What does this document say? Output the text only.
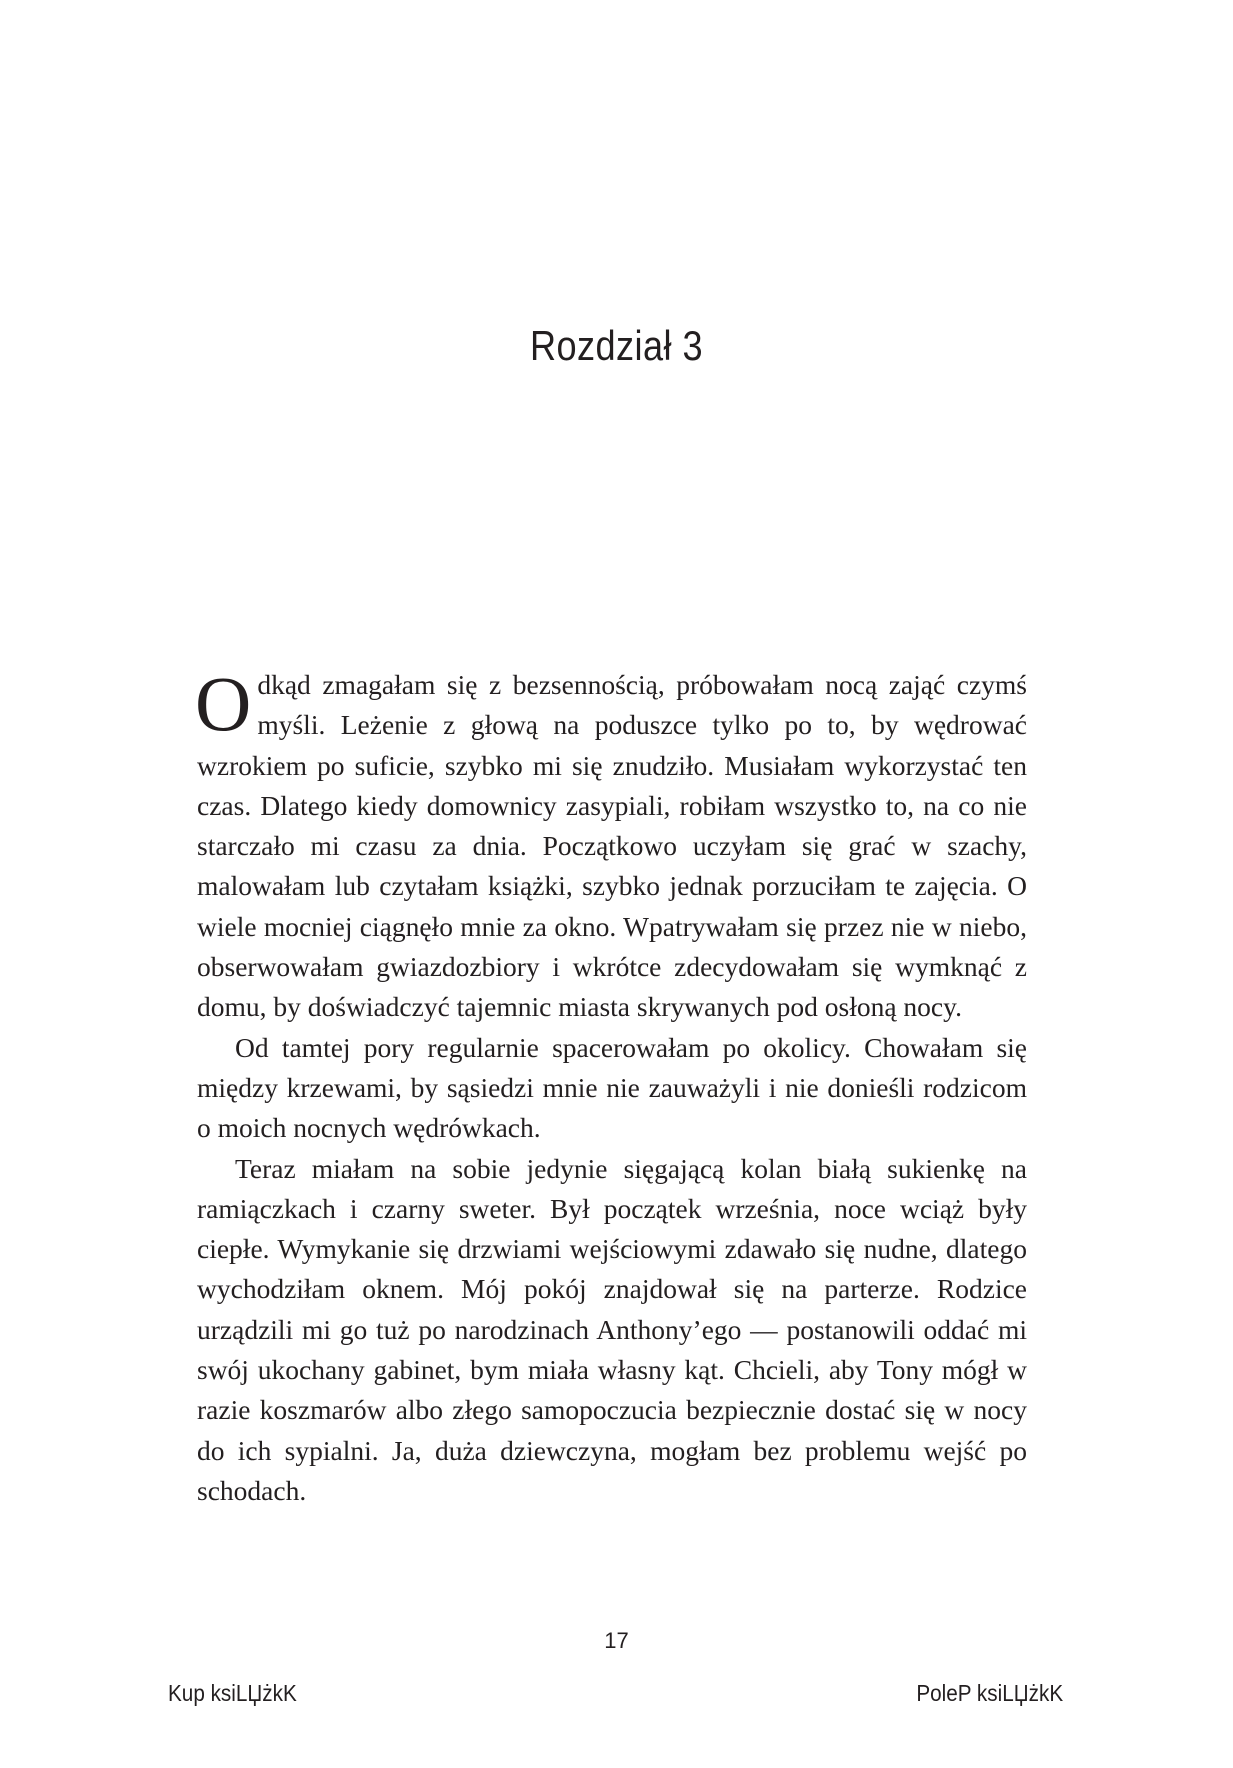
Rozdział 3

Odkąd zmagałam się z bezsennością, próbowałam nocą zająć czymś myśli. Leżenie z głową na poduszce tylko po to, by wędrować wzrokiem po suficie, szybko mi się znudziło. Musiałam wykorzystać ten czas. Dlatego kiedy domownicy zasypiali, robiłam wszystko to, na co nie starczało mi czasu za dnia. Początkowo uczyłam się grać w szachy, malowałam lub czytałam książki, szybko jednak porzuciłam te zajęcia. O wiele mocniej ciągnęło mnie za okno. Wpatrywałam się przez nie w niebo, obserwowałam gwiazdozbiory i wkrótce zdecydowałam się wymknąć z domu, by doświadczyć tajemnic miasta skrywanych pod osłoną nocy.

Od tamtej pory regularnie spacerowałam po okolicy. Chowałam się między krzewami, by sąsiedzi mnie nie zauważyli i nie donieśli rodzicom o moich nocnych wędrówkach.

Teraz miałam na sobie jedynie sięgającą kolan białą sukienkę na ramiączkach i czarny sweter. Był początek września, noce wciąż były ciepłe. Wymykanie się drzwiami wejściowymi zdawało się nudne, dlatego wychodziłam oknem. Mój pokój znajdował się na parterze. Rodzice urządzili mi go tuż po narodzinach Anthony’ego — postanowili oddać mi swój ukochany gabinet, bym miała własny kąt. Chcieli, aby Tony mógł w razie koszmarów albo złego samopoczucia bezpiecznie dostać się w nocy do ich sypialni. Ja, duża dziewczyna, mogłam bez problemu wejść po schodach.

17
Kup ksiLЏżkK	PoleP ksiLЏżkK
